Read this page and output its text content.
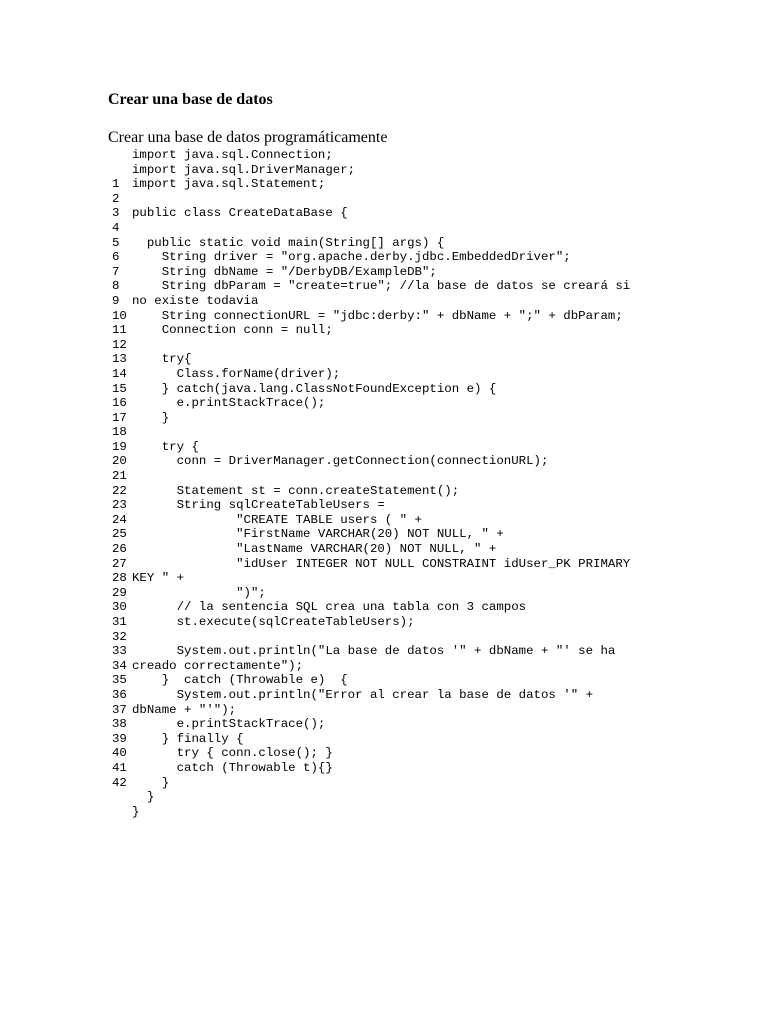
Crear una base de datos
Crear una base de datos programáticamente
import java.sql.Connection;
import java.sql.DriverManager;
1 import java.sql.Statement;
2
3 public class CreateDataBase {
4
5 public static void main(String[] args) {
6 String driver = "org.apache.derby.jdbc.EmbeddedDriver";
7 String dbName = "/DerbyDB/ExampleDB";
8 String dbParam = "create=true"; //la base de datos se creará si
9 no existe todavia
10 String connectionURL = "jdbc:derby:" + dbName + ";" + dbParam;
11 Connection conn = null;
12
13 try{
14 Class.forName(driver);
15 } catch(java.lang.ClassNotFoundException e) {
16 e.printStackTrace();
17 }
18
19 try {
20 conn = DriverManager.getConnection(connectionURL);
21
22 Statement st = conn.createStatement();
23 String sqlCreateTableUsers =
24 "CREATE TABLE users ( " +
25 "FirstName VARCHAR(20) NOT NULL, " +
26 "LastName VARCHAR(20) NOT NULL, " +
27 "idUser INTEGER NOT NULL CONSTRAINT idUser_PK PRIMARY
28 KEY " +
29 ")";
30 // la sentencia SQL crea una tabla con 3 campos
31 st.execute(sqlCreateTableUsers);
32
33 System.out.println("La base de datos '" + dbName + "' se ha
34 creado correctamente");
35 }  catch (Throwable e)  {
36 System.out.println("Error al crear la base de datos '" +
37 dbName + "'");
38 e.printStackTrace();
39 } finally {
40 try { conn.close(); }
41 catch (Throwable t){}
42 }
}
}
